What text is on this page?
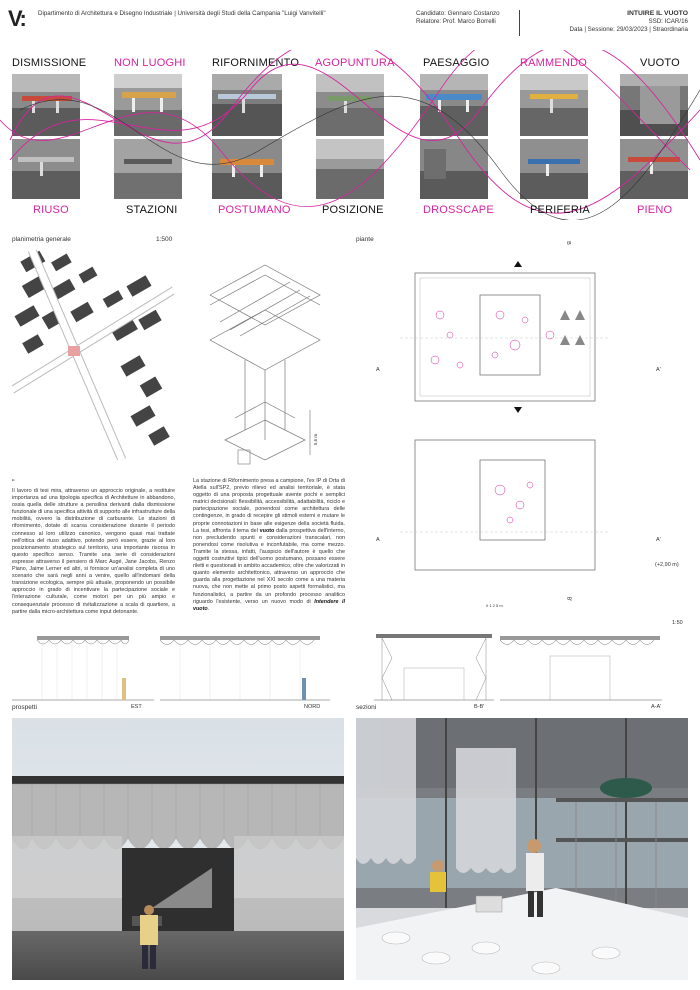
V: Dipartimento di Architettura e Disegno Industriale | Università degli Studi della Campania "Luigi Vanvitelli"	Candidato: Gennaro Costanzo
Relatore: Prof. Marco Borrelli
INTUIRE IL VUOTO
SSD: ICAR/16
Data | Sessione: 29/03/2023 | Straordinaria
DISMISSIONE	NON LUOGHI RIFORNIMENTO AGOPUNTURA	PAESAGGIO	RAMMENDO	VUOTO
RIUSO	STAZIONI	POSTUMANO	POSIZIONE	DROSSCAPE	PERIFERIA	PIENO
planimetria generale	1:500
5,6 m
piante
A	A'
B
A	A'
(+2,90 m)
B'
0 1 2 5 m
“
Il lavoro di tesi mira, attraverso un approccio originale, a restituire importanza ad una tipologia specifica di Architetture in abbandono, ossia quella delle strutture a pensilina derivanti dalla dismissione funzionale di una specifica attività di supporto alle infrastrutture della mobilità, ovvero la distribuzione di carburante. Le stazioni di rifornimento, dotate di scarsa considerazione durante il periodo connesso al loro utilizzo canonico, vengono quasi mai trattate nell'ottica del riuso adattivo, potendo però essere, grazie al loro posizionamento strategico sul territorio, una importante risorsa in questo specifico senso. Tramite una serie di considerazioni espresse attraverso il pensiero di Marc Augé, Jane Jacobs, Renzo Piano, Jaime Lerner ed altri, si fornisce un'analisi completa di uno scenario che sarà negli anni a venire, quello all'indomani della transizione ecologica, sempre più attuale, proponendo un possibile approccio in grado di incentivare la partecipazione sociale e l'interazione culturale, come motori per un più ampio e consequenziale processo di rivitalizzazione a scala di quartiere, a partire dalla micro-architettura come input detonante.
La stazione di Rifornimento presa a campione, l'ex IP di Orta di Atella sull'SP2, previo rilievo ed analisi territoriale, è stata oggetto di una proposta progettuale avente pochi e semplici matrici decisionali: flessibilità, accessibilità, adattabilità, riciclo e partecipazione sociale, ponendosi come architettura delle contingenze, in grado di recepire gli stimoli esterni e mutare le proprie connotazioni in base alle esigenze della società fluida. La tesi, affronta il tema del vuoto dalla prospettiva dell'interno, non precludendo spunti e considerazioni transcalari, non ponendosi come risolutiva e inconfutabile, ma come mezzo. Tramite la stessa, infatti, l'auspicio dell'autore è quello che oggetti costruttivi tipici dell'uomo postumano, possano essere riletti e questionati in ambito accademico, oltre che valorizzati in quanto elemento architettonico, attraverso un approccio che guarda alla progettazione nel XXI secolo come a una materia nuova, che non mette al primo posto aspetti formalistici, ma funzionalistici, a partire da un profondo processo analitico riguardo l'esistente, verso un nuovo modo di Intendere il vuoto.
prospetti	EST	NORD
1:50
sezioni	B-B'	A-A'
